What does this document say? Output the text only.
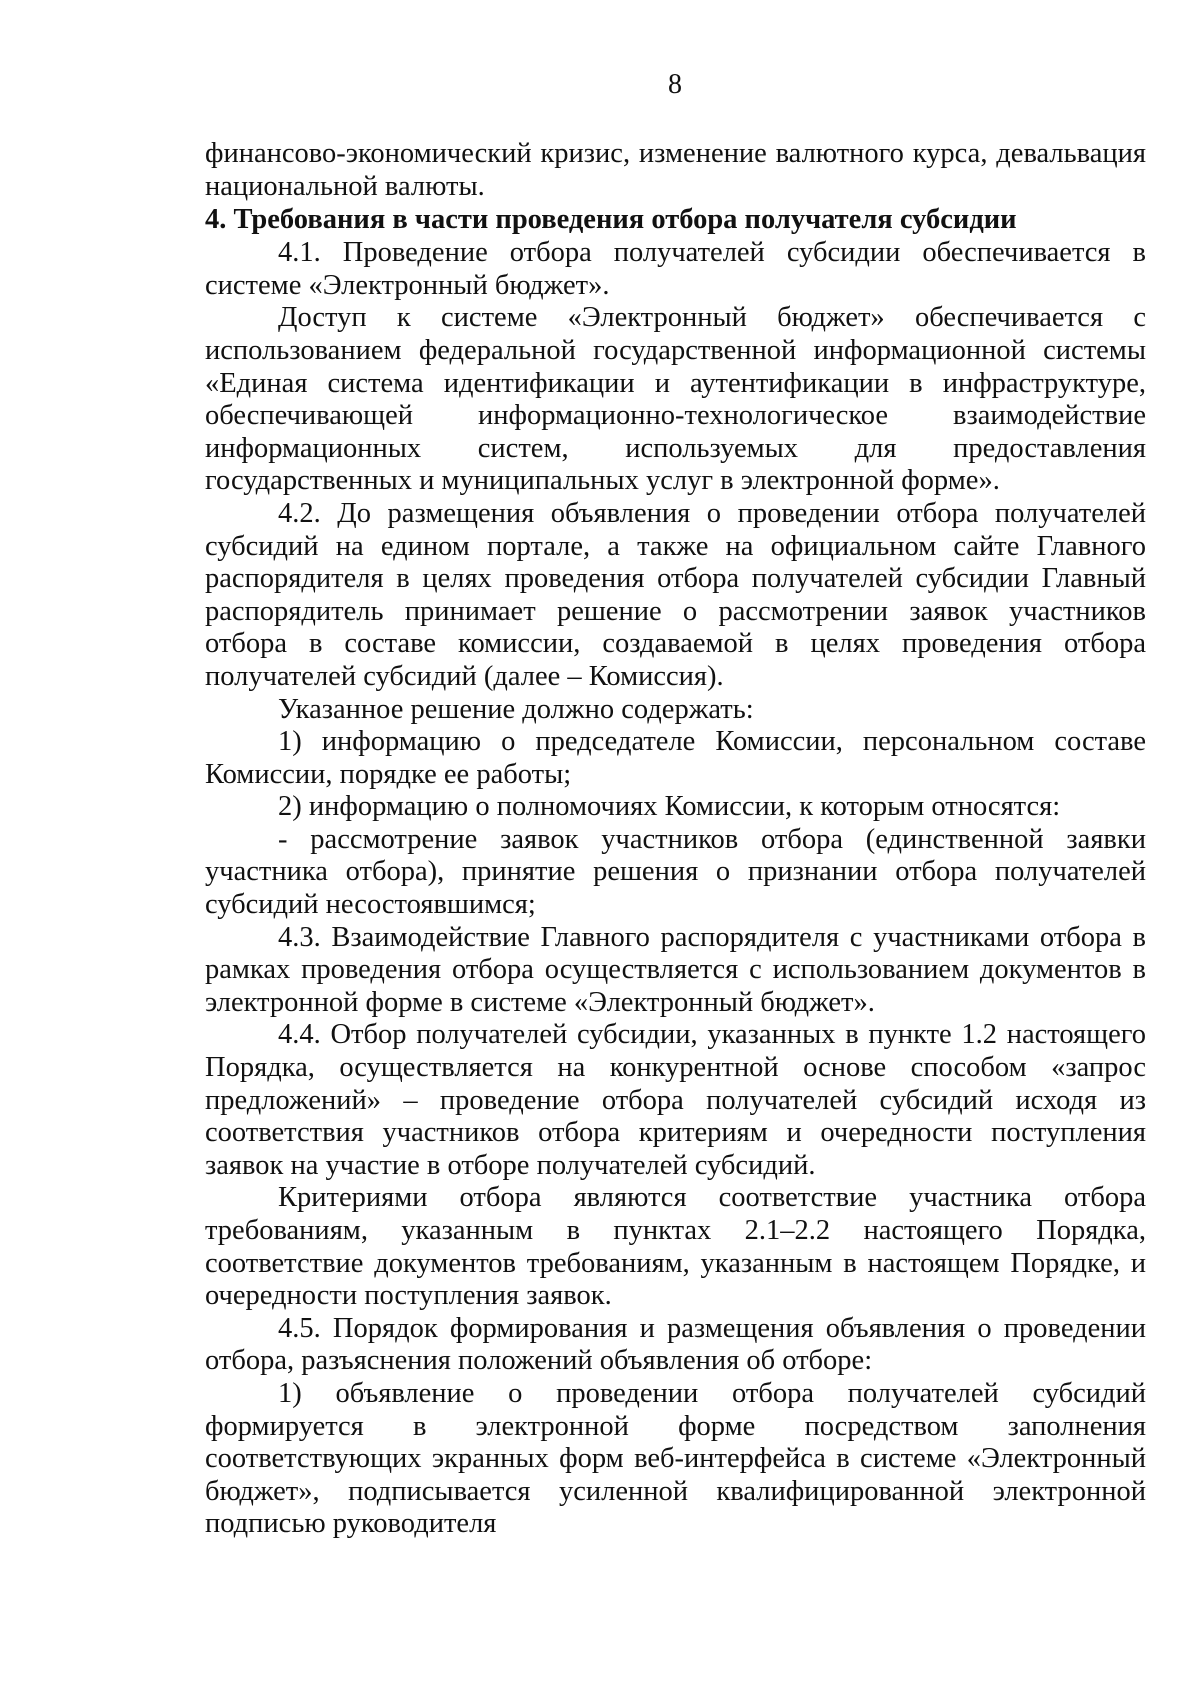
8

финансово-экономический кризис, изменение валютного курса, девальвация национальной валюты.

4. Требования в части проведения отбора получателя субсидии

4.1. Проведение отбора получателей субсидии обеспечивается в системе «Электронный бюджет».

Доступ к системе «Электронный бюджет» обеспечивается с использованием федеральной государственной информационной системы «Единая система идентификации и аутентификации в инфраструктуре, обеспечивающей информационно-технологическое взаимодействие информационных систем, используемых для предоставления государственных и муниципальных услуг в электронной форме».

4.2. До размещения объявления о проведении отбора получателей субсидий на едином портале, а также на официальном сайте Главного распорядителя в целях проведения отбора получателей субсидии Главный распорядитель принимает решение о рассмотрении заявок участников отбора в составе комиссии, создаваемой в целях проведения отбора получателей субсидий (далее – Комиссия).

Указанное решение должно содержать:

1) информацию о председателе Комиссии, персональном составе Комиссии, порядке ее работы;

2) информацию о полномочиях Комиссии, к которым относятся:

- рассмотрение заявок участников отбора (единственной заявки участника отбора), принятие решения о признании отбора получателей субсидий несостоявшимся;

4.3. Взаимодействие Главного распорядителя с участниками отбора в рамках проведения отбора осуществляется с использованием документов в электронной форме в системе «Электронный бюджет».

4.4. Отбор получателей субсидии, указанных в пункте 1.2 настоящего Порядка, осуществляется на конкурентной основе способом «запрос предложений» – проведение отбора получателей субсидий исходя из соответствия участников отбора критериям и очередности поступления заявок на участие в отборе получателей субсидий.

Критериями отбора являются соответствие участника отбора требованиям, указанным в пунктах 2.1–2.2 настоящего Порядка, соответствие документов требованиям, указанным в настоящем Порядке, и очередности поступления заявок.

4.5. Порядок формирования и размещения объявления о проведении отбора, разъяснения положений объявления об отборе:

1) объявление о проведении отбора получателей субсидий формируется в электронной форме посредством заполнения соответствующих экранных форм веб-интерфейса в системе «Электронный бюджет», подписывается усиленной квалифицированной электронной подписью руководителя
